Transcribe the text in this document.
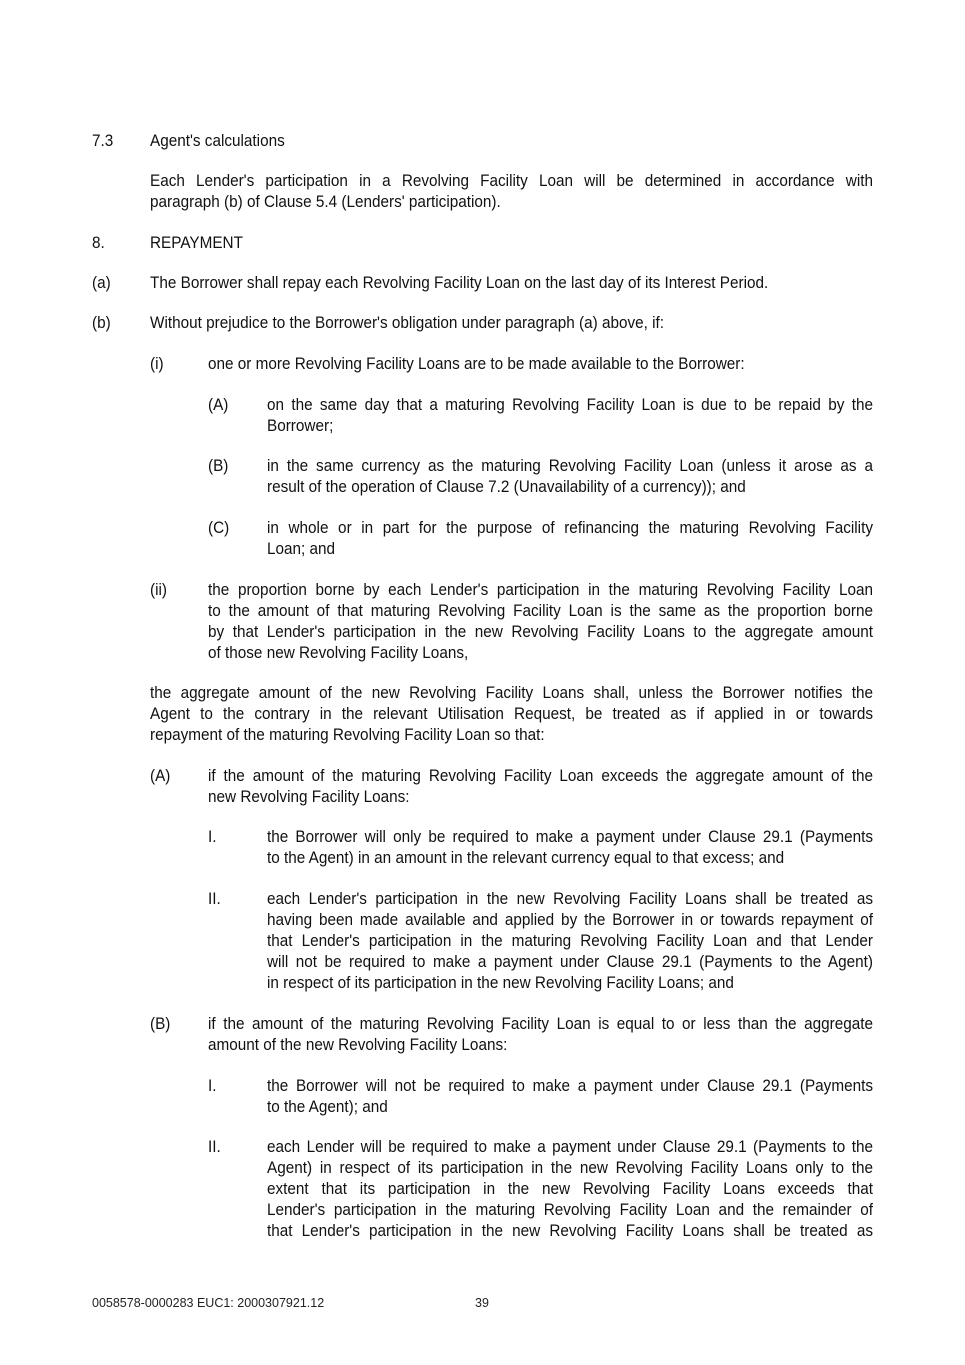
7.3 Agent's calculations
Each Lender's participation in a Revolving Facility Loan will be determined in accordance with
paragraph (b) of Clause 5.4 (Lenders' participation).
8.	REPAYMENT
(a) The Borrower shall repay each Revolving Facility Loan on the last day of its Interest Period.
(b) Without prejudice to the Borrower's obligation under paragraph (a) above, if:
(i)	one or more Revolving Facility Loans are to be made available to the Borrower:
(A) on the same day that a maturing Revolving Facility Loan is due to be repaid by the
Borrower;
(B) in the same currency as the maturing Revolving Facility Loan (unless it arose as a
result of the operation of Clause 7.2 (Unavailability of a currency)); and
(C) in whole or in part for the purpose of refinancing the maturing Revolving Facility
Loan; and
(ii) the proportion borne by each Lender's participation in the maturing Revolving Facility Loan
to the amount of that maturing Revolving Facility Loan is the same as the proportion borne
by that Lender's participation in the new Revolving Facility Loans to the aggregate amount
of those new Revolving Facility Loans,
the aggregate amount of the new Revolving Facility Loans shall, unless the Borrower notifies the
Agent to the contrary in the relevant Utilisation Request, be treated as if applied in or towards
repayment of the maturing Revolving Facility Loan so that:
(A) if the amount of the maturing Revolving Facility Loan exceeds the aggregate amount of the
new Revolving Facility Loans:
I.	the Borrower will only be required to make a payment under Clause 29.1 (Payments
to the Agent) in an amount in the relevant currency equal to that excess; and
II.	each Lender's participation in the new Revolving Facility Loans shall be treated as
having been made available and applied by the Borrower in or towards repayment of
that Lender's participation in the maturing Revolving Facility Loan and that Lender
will not be required to make a payment under Clause 29.1 (Payments to the Agent)
in respect of its participation in the new Revolving Facility Loans; and
(B) if the amount of the maturing Revolving Facility Loan is equal to or less than the aggregate
amount of the new Revolving Facility Loans:
I.	the Borrower will not be required to make a payment under Clause 29.1 (Payments
to the Agent); and
II.	each Lender will be required to make a payment under Clause 29.1 (Payments to the
Agent) in respect of its participation in the new Revolving Facility Loans only to the
extent that its participation in the new Revolving Facility Loans exceeds that
Lender's participation in the maturing Revolving Facility Loan and the remainder of
that Lender's participation in the new Revolving Facility Loans shall be treated as
0058578-0000283 EUC1: 2000307921.12	39
